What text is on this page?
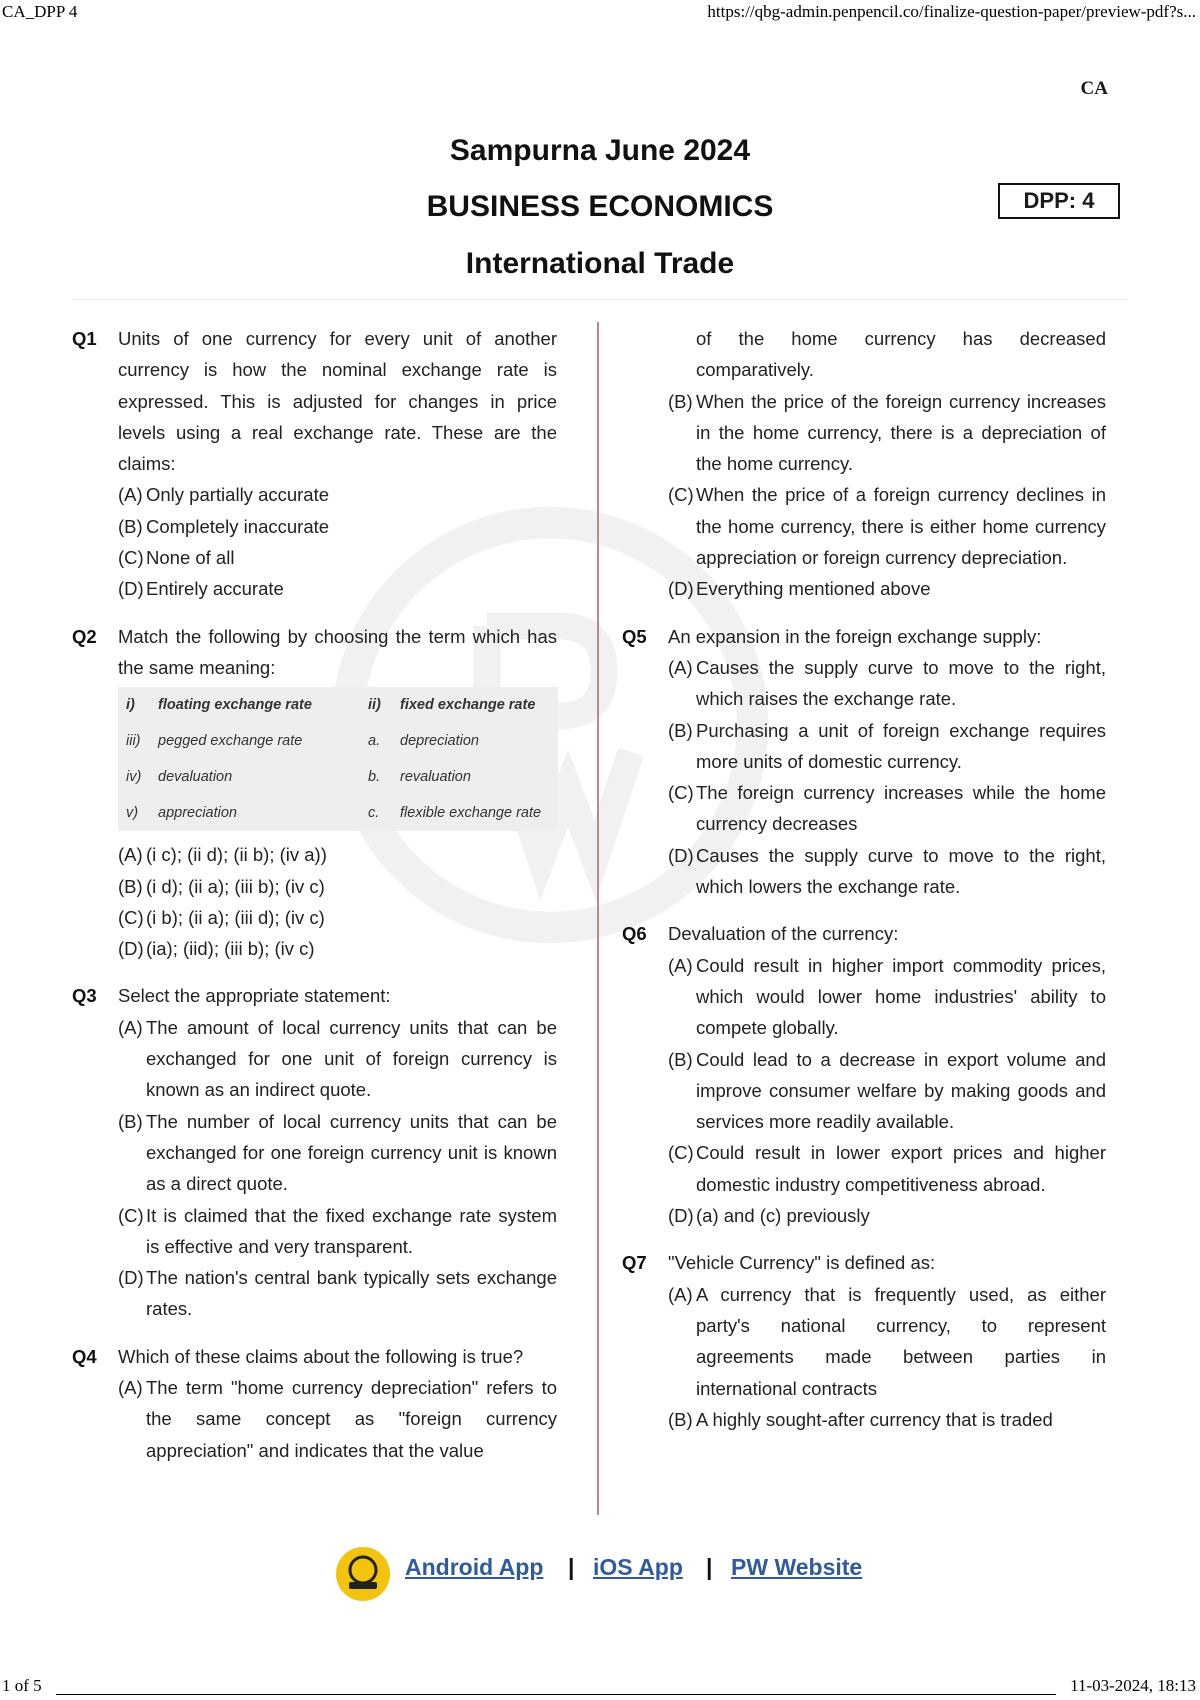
CA_DPP 4	https://qbg-admin.penpencil.co/finalize-question-paper/preview-pdf?s...
CA
Sampurna June 2024
BUSINESS ECONOMICS
International Trade
DPP: 4
Q1 Units of one currency for every unit of another currency is how the nominal exchange rate is expressed. This is adjusted for changes in price levels using a real exchange rate. These are the claims:
(A) Only partially accurate
(B) Completely inaccurate
(C) None of all
(D) Entirely accurate
Q2 Match the following by choosing the term which has the same meaning:
i) floating exchange rate	ii) fixed exchange rate
iii) pegged exchange rate	a. depreciation
iv) devaluation	b. revaluation
v) appreciation	c. flexible exchange rate
(A) (i c); (ii d); (ii b); (iv a))
(B) (i d); (ii a); (iii b); (iv c)
(C) (i b); (ii a); (iii d); (iv c)
(D) (ia); (iid); (iii b); (iv c)
Q3 Select the appropriate statement:
(A) The amount of local currency units that can be exchanged for one unit of foreign currency is known as an indirect quote.
(B) The number of local currency units that can be exchanged for one foreign currency unit is known as a direct quote.
(C) It is claimed that the fixed exchange rate system is effective and very transparent.
(D) The nation's central bank typically sets exchange rates.
Q4 Which of these claims about the following is true?
(A) The term "home currency depreciation" refers to the same concept as "foreign currency appreciation" and indicates that the value
of the home currency has decreased comparatively.
(B) When the price of the foreign currency increases in the home currency, there is a depreciation of the home currency.
(C) When the price of a foreign currency declines in the home currency, there is either home currency appreciation or foreign currency depreciation.
(D) Everything mentioned above
Q5 An expansion in the foreign exchange supply:
(A) Causes the supply curve to move to the right, which raises the exchange rate.
(B) Purchasing a unit of foreign exchange requires more units of domestic currency.
(C) The foreign currency increases while the home currency decreases
(D) Causes the supply curve to move to the right, which lowers the exchange rate.
Q6 Devaluation of the currency:
(A) Could result in higher import commodity prices, which would lower home industries' ability to compete globally.
(B) Could lead to a decrease in export volume and improve consumer welfare by making goods and services more readily available.
(C) Could result in lower export prices and higher domestic industry competitiveness abroad.
(D) (a) and (c) previously
Q7 "Vehicle Currency" is defined as:
(A) A currency that is frequently used, as either party's national currency, to represent agreements made between parties in international contracts
(B) A highly sought-after currency that is traded
Android App | iOS App | PW Website
1 of 5	11-03-2024, 18:13
